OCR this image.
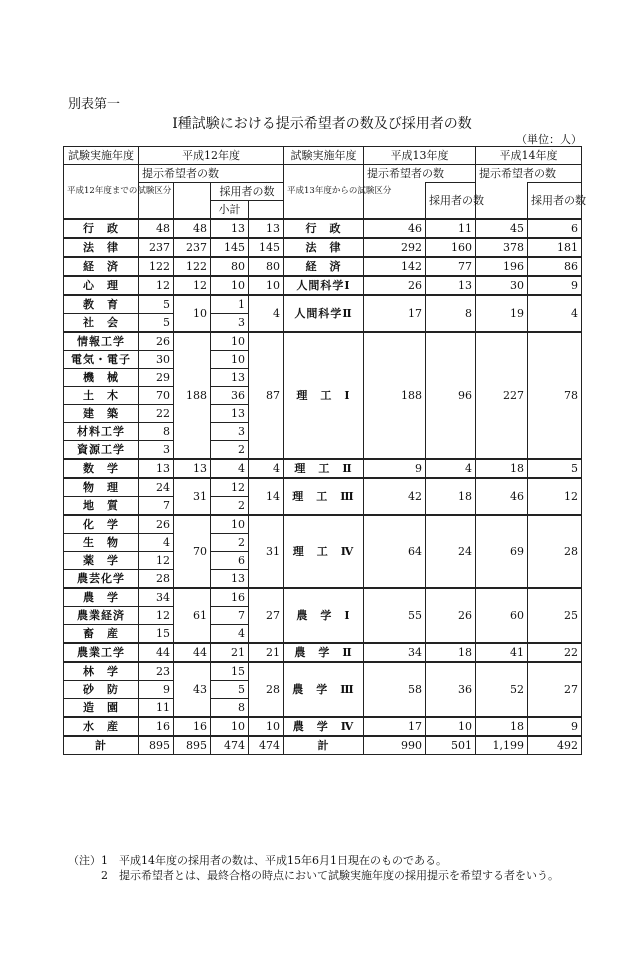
別表第一
Ⅰ種試験における提示希望者の数及び採用者の数
（単位：人）
試験実施年度	平成12年度				試験実施年度	平成13年度		平成14年度		
平成12年度までの試験区分	提示希望者の数				平成13年度からの試験区分	提示希望者の数		提示希望者の数		
			採用者の数				採用者の数		採用者の数	
			小計		
行　政	48	48	13	13	行　政	46	11	45	6	
法　律	237	237	145	145	法　律	292	160	378	181	
経　済	122	122	80	80	経　済	142	77	196	86	
心　理	12	12	10	10	人間科学Ⅰ	26	13	30	9	
教　育	5	10	1	4	人間科学Ⅱ	17	8	19	4	
社　会	5		3							
情報工学	26	188	10	87	理　工　Ⅰ	188	96	227	78	
電気・電子	30		10							
機　械	29		13							
土　木	70		36							
建　築	22		13							
材料工学	8		3							
資源工学	3		2							
数　学	13	13	4	4	理　工　Ⅱ	9	4	18	5	
物　理	24	31	12	14	理　工　Ⅲ	42	18	46	12	
地　質	7		2							
化　学	26	70	10	31	理　工　Ⅳ	64	24	69	28	
生　物	4		2							
薬　学	12		6							
農芸化学	28		13							
農　学	34	61	16	27	農　学　Ⅰ	55	26	60	25	
農業経済	12		7							
畜　産	15		4							
農業工学	44	44	21	21	農　学　Ⅱ	34	18	41	22	
林　学	23	43	15	28	農　学　Ⅲ	58	36	52	27	
砂　防	9		5							
造　園	11		8							
水　産	16	16	10	10	農　学　Ⅳ	17	10	18	9	
計	895	895	474	474	計	990	501	1,199	492	
（注）1　平成14年度の採用者の数は、平成15年6月1日現在のものである。
　　　2　提示希望者とは、最終合格の時点において試験実施年度の採用提示を希望する者をいう。
